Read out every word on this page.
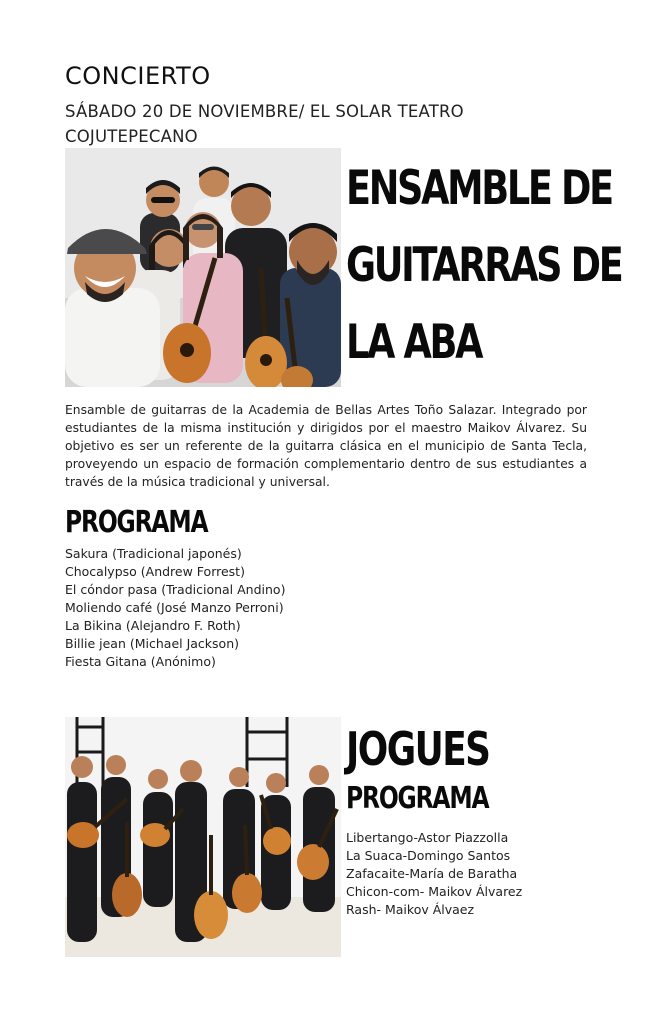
CONCIERTO
SÁBADO 20 DE NOVIEMBRE/ EL SOLAR TEATRO COJUTEPECANO
ENSAMBLE DE
GUITARRAS DE
LA ABA
Ensamble de guitarras de la Academia de Bellas Artes Toño Salazar. Integrado por estudiantes de la misma institución y dirigidos por el maestro Maikov Álvarez. Su objetivo es ser un referente de la guitarra clásica en el municipio de Santa Tecla, proveyendo un espacio de formación complementario dentro de sus estudiantes a través de la música tradicional y universal.
PROGRAMA
Sakura (Tradicional japonés)
Chocalypso (Andrew Forrest)
El cóndor pasa (Tradicional Andino)
Moliendo café (José Manzo Perroni)
La Bikina (Alejandro F. Roth)
Billie jean (Michael Jackson)
Fiesta Gitana (Anónimo)
JOGUES
PROGRAMA
Libertango-Astor Piazzolla
La Suaca-Domingo Santos
Zafacaite-María de Baratha
Chicon-com- Maikov Álvarez
Rash- Maikov Álvaez
